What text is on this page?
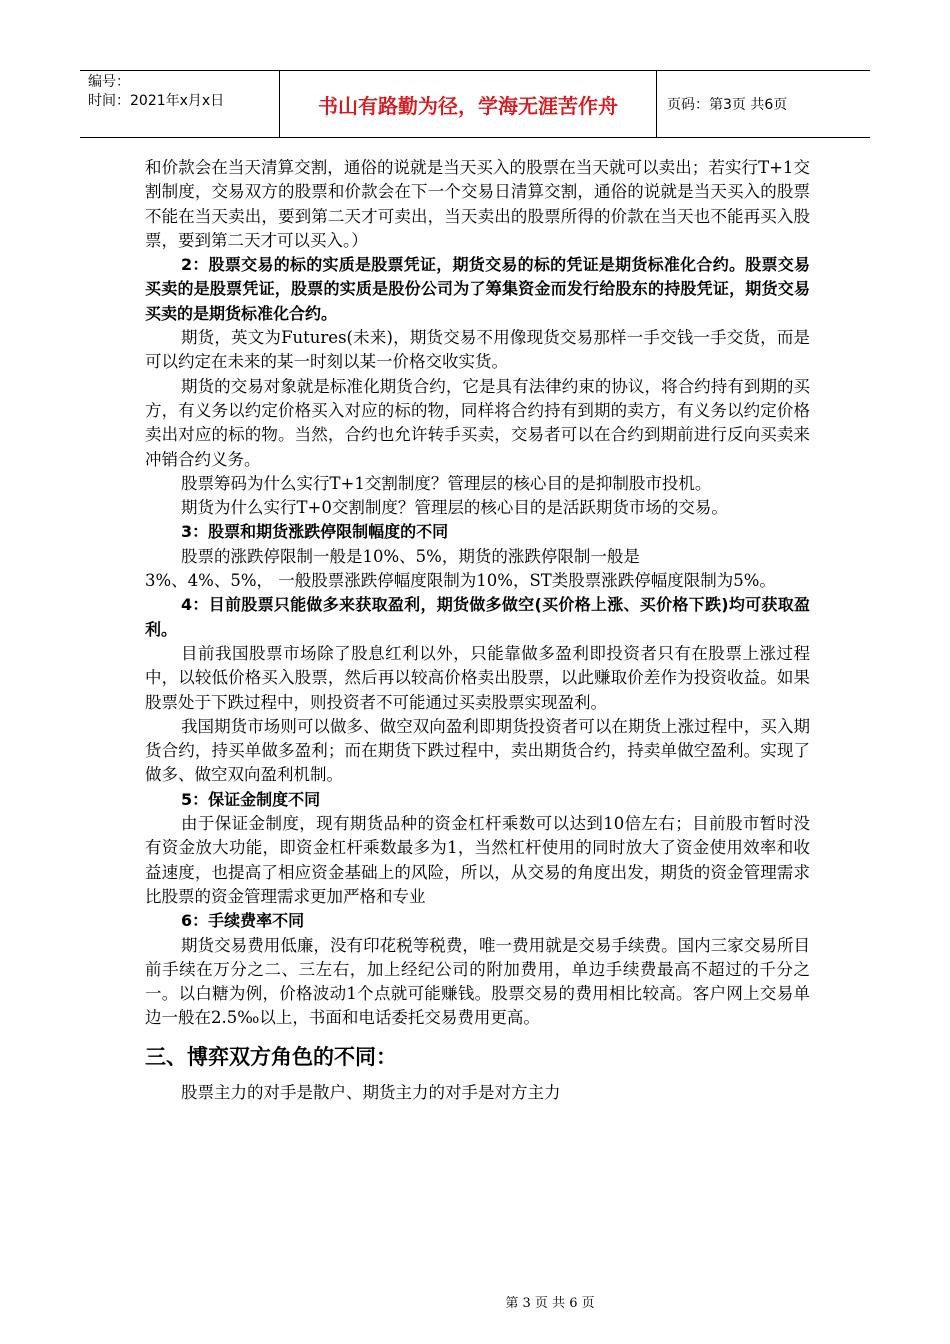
编号：
时间：2021年x月x日	书山有路勤为径，学海无涯苦作舟	页码：第3页 共6页

和价款会在当天清算交割，通俗的说就是当天买入的股票在当天就可以卖出；若实行T+1交割制度，交易双方的股票和价款会在下一个交易日清算交割，通俗的说就是当天买入的股票不能在当天卖出，要到第二天才可卖出，当天卖出的股票所得的价款在当天也不能再买入股票，要到第二天才可以买入。）

2：股票交易的标的实质是股票凭证，期货交易的标的凭证是期货标准化合约。股票交易买卖的是股票凭证，股票的实质是股份公司为了筹集资金而发行给股东的持股凭证，期货交易买卖的是期货标准化合约。

期货，英文为Futures(未来)，期货交易不用像现货交易那样一手交钱一手交货，而是可以约定在未来的某一时刻以某一价格交收实货。

期货的交易对象就是标准化期货合约，它是具有法律约束的协议，将合约持有到期的买方，有义务以约定价格买入对应的标的物，同样将合约持有到期的卖方，有义务以约定价格卖出对应的标的物。当然，合约也允许转手买卖，交易者可以在合约到期前进行反向买卖来冲销合约义务。

股票筹码为什么实行T+1交割制度？管理层的核心目的是抑制股市投机。

期货为什么实行T+0交割制度？管理层的核心目的是活跃期货市场的交易。

3：股票和期货涨跌停限制幅度的不同

股票的涨跌停限制一般是10%、5%，期货的涨跌停限制一般是

3%、4%、5%， 一般股票涨跌停幅度限制为10%，ST类股票涨跌停幅度限制为5%。

4：目前股票只能做多来获取盈利，期货做多做空(买价格上涨、买价格下跌)均可获取盈利。

目前我国股票市场除了股息红利以外，只能靠做多盈利即投资者只有在股票上涨过程中，以较低价格买入股票，然后再以较高价格卖出股票，以此赚取价差作为投资收益。如果股票处于下跌过程中，则投资者不可能通过买卖股票实现盈利。

我国期货市场则可以做多、做空双向盈利即期货投资者可以在期货上涨过程中，买入期货合约，持买单做多盈利；而在期货下跌过程中，卖出期货合约，持卖单做空盈利。实现了做多、做空双向盈利机制。

5：保证金制度不同

由于保证金制度，现有期货品种的资金杠杆乘数可以达到10倍左右；目前股市暂时没有资金放大功能，即资金杠杆乘数最多为1，当然杠杆使用的同时放大了资金使用效率和收益速度，也提高了相应资金基础上的风险，所以，从交易的角度出发，期货的资金管理需求比股票的资金管理需求更加严格和专业

6：手续费率不同

期货交易费用低廉，没有印花税等税费，唯一费用就是交易手续费。国内三家交易所目前手续在万分之二、三左右，加上经纪公司的附加费用，单边手续费最高不超过的千分之一。以白糖为例，价格波动1个点就可能赚钱。股票交易的费用相比较高。客户网上交易单边一般在2.5‰以上，书面和电话委托交易费用更高。

三、博弈双方角色的不同：

股票主力的对手是散户、期货主力的对手是对方主力

第 3 页 共 6 页
